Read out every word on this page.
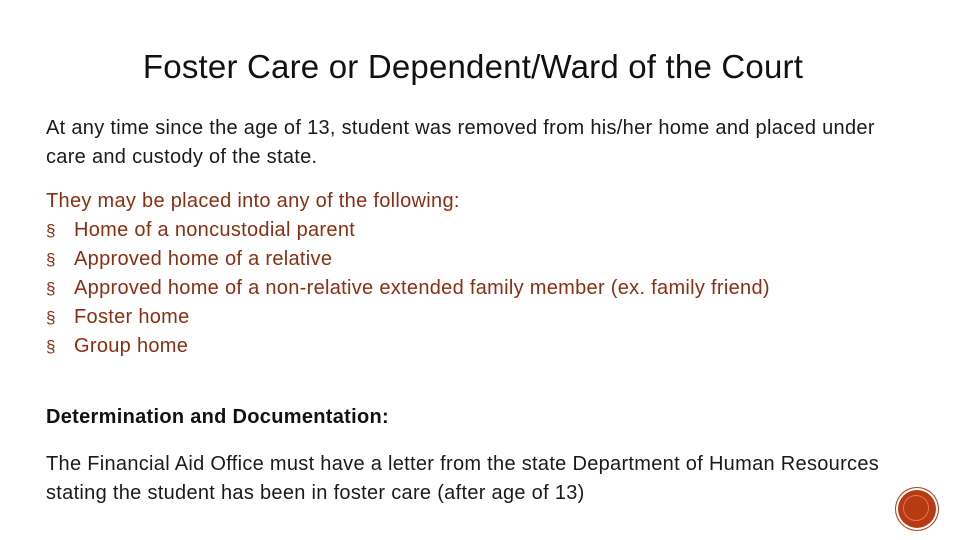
Foster Care or Dependent/Ward of the Court
At any time since the age of 13, student was removed from his/her home and placed under care and custody of the state.
They may be placed into any of the following:
§ Home of a noncustodial parent
§ Approved home of a relative
§ Approved home of a non-relative extended family member (ex. family friend)
§ Foster home
§ Group home
Determination and Documentation:
The Financial Aid Office must have a letter from the state Department of Human Resources stating the student has been in foster care (after age of 13)
